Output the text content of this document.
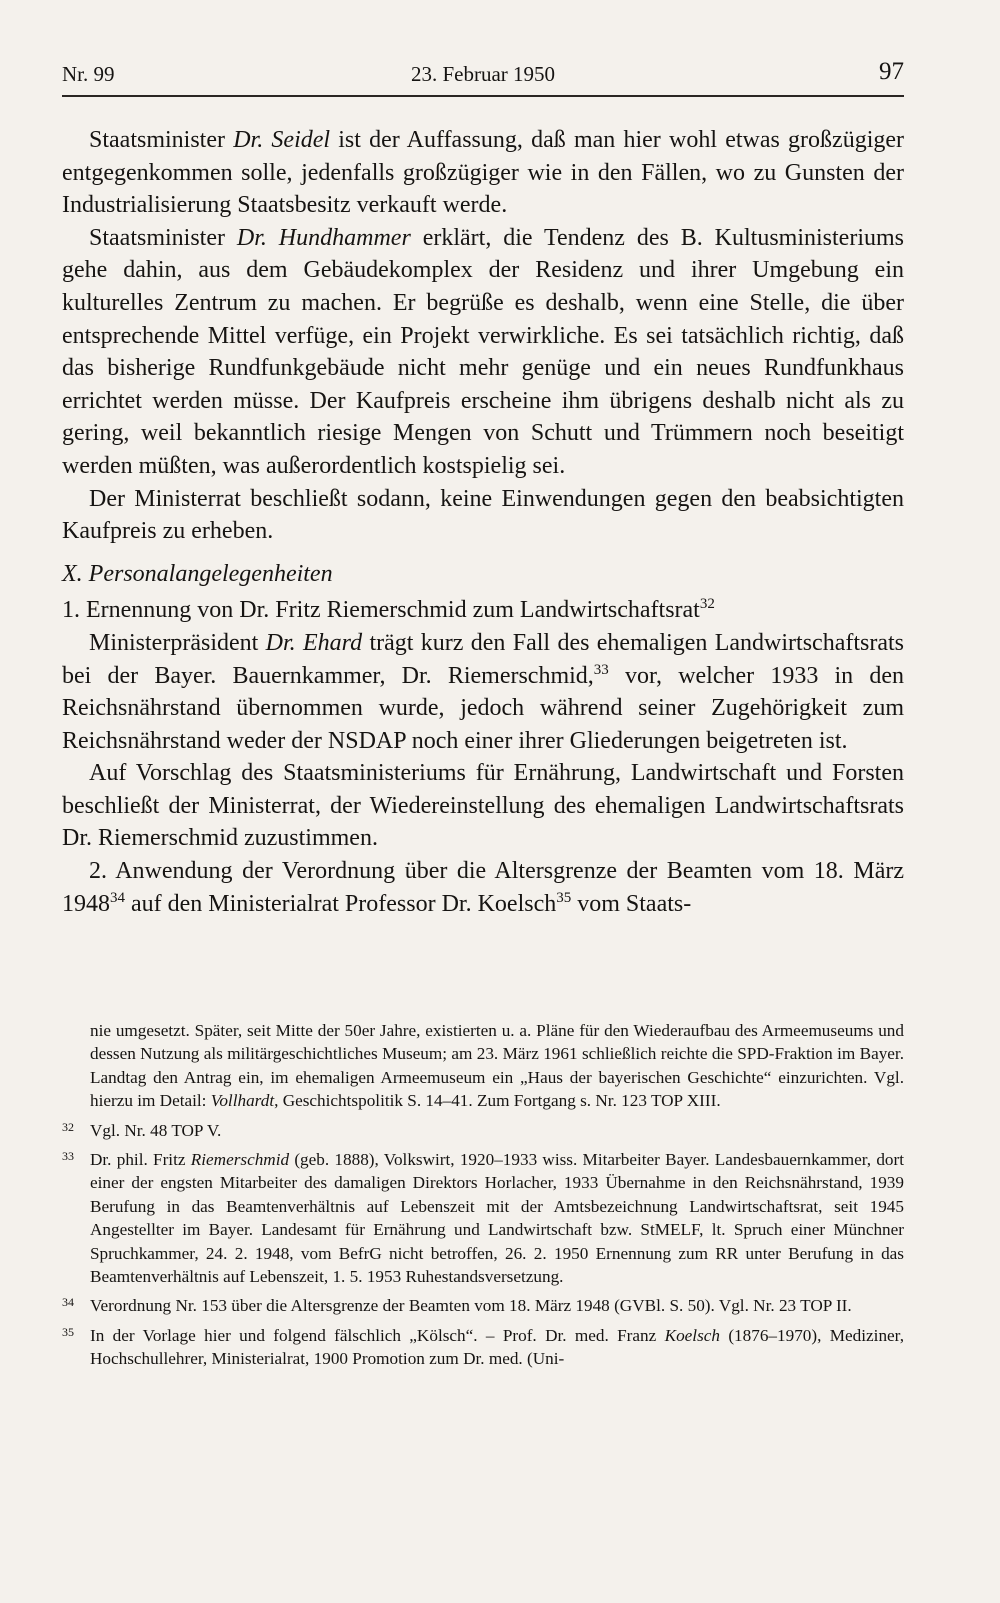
Nr. 99	23. Februar 1950	97

Staatsminister Dr. Seidel ist der Auffassung, daß man hier wohl etwas großzügiger entgegenkommen solle, jedenfalls großzügiger wie in den Fällen, wo zu Gunsten der Industrialisierung Staatsbesitz verkauft werde.

Staatsminister Dr. Hundhammer erklärt, die Tendenz des B. Kultusministeriums gehe dahin, aus dem Gebäudekomplex der Residenz und ihrer Umgebung ein kulturelles Zentrum zu machen. Er begrüße es deshalb, wenn eine Stelle, die über entsprechende Mittel verfüge, ein Projekt verwirkliche. Es sei tatsächlich richtig, daß das bisherige Rundfunkgebäude nicht mehr genüge und ein neues Rundfunkhaus errichtet werden müsse. Der Kaufpreis erscheine ihm übrigens deshalb nicht als zu gering, weil bekanntlich riesige Mengen von Schutt und Trümmern noch beseitigt werden müßten, was außerordentlich kostspielig sei.

Der Ministerrat beschließt sodann, keine Einwendungen gegen den beabsichtigten Kaufpreis zu erheben.

X. Personalangelegenheiten

1. Ernennung von Dr. Fritz Riemerschmid zum Landwirtschaftsrat$^{32}$

Ministerpräsident Dr. Ehard trägt kurz den Fall des ehemaligen Landwirtschaftsrats bei der Bayer. Bauernkammer, Dr. Riemerschmid,$^{33}$ vor, welcher 1933 in den Reichsnährstand übernommen wurde, jedoch während seiner Zugehörigkeit zum Reichsnährstand weder der NSDAP noch einer ihrer Gliederungen beigetreten ist.

Auf Vorschlag des Staatsministeriums für Ernährung, Landwirtschaft und Forsten beschließt der Ministerrat, der Wiedereinstellung des ehemaligen Landwirtschaftsrats Dr. Riemerschmid zuzustimmen.

2. Anwendung der Verordnung über die Altersgrenze der Beamten vom 18. März 1948$^{34}$ auf den Ministerialrat Professor Dr. Koelsch$^{35}$ vom Staats-

nie umgesetzt. Später, seit Mitte der 50er Jahre, existierten u. a. Pläne für den Wiederaufbau des Armeemuseums und dessen Nutzung als militärgeschichtliches Museum; am 23. März 1961 schließlich reichte die SPD-Fraktion im Bayer. Landtag den Antrag ein, im ehemaligen Armeemuseum ein „Haus der bayerischen Geschichte“ einzurichten. Vgl. hierzu im Detail: Vollhardt, Geschichtspolitik S. 14–41. Zum Fortgang s. Nr. 123 TOP XIII.

32 Vgl. Nr. 48 TOP V.

33 Dr. phil. Fritz Riemerschmid (geb. 1888), Volkswirt, 1920–1933 wiss. Mitarbeiter Bayer. Landesbauernkammer, dort einer der engsten Mitarbeiter des damaligen Direktors Horlacher, 1933 Übernahme in den Reichsnährstand, 1939 Berufung in das Beamtenverhältnis auf Lebenszeit mit der Amtsbezeichnung Landwirtschaftsrat, seit 1945 Angestellter im Bayer. Landesamt für Ernährung und Landwirtschaft bzw. StMELF, lt. Spruch einer Münchner Spruchkammer, 24. 2. 1948, vom BefrG nicht betroffen, 26. 2. 1950 Ernennung zum RR unter Berufung in das Beamtenverhältnis auf Lebenszeit, 1. 5. 1953 Ruhestandsversetzung.

34 Verordnung Nr. 153 über die Altersgrenze der Beamten vom 18. März 1948 (GVBl. S. 50). Vgl. Nr. 23 TOP II.

35 In der Vorlage hier und folgend fälschlich „Kölsch“. – Prof. Dr. med. Franz Koelsch (1876–1970), Mediziner, Hochschullehrer, Ministerialrat, 1900 Promotion zum Dr. med. (Uni-
